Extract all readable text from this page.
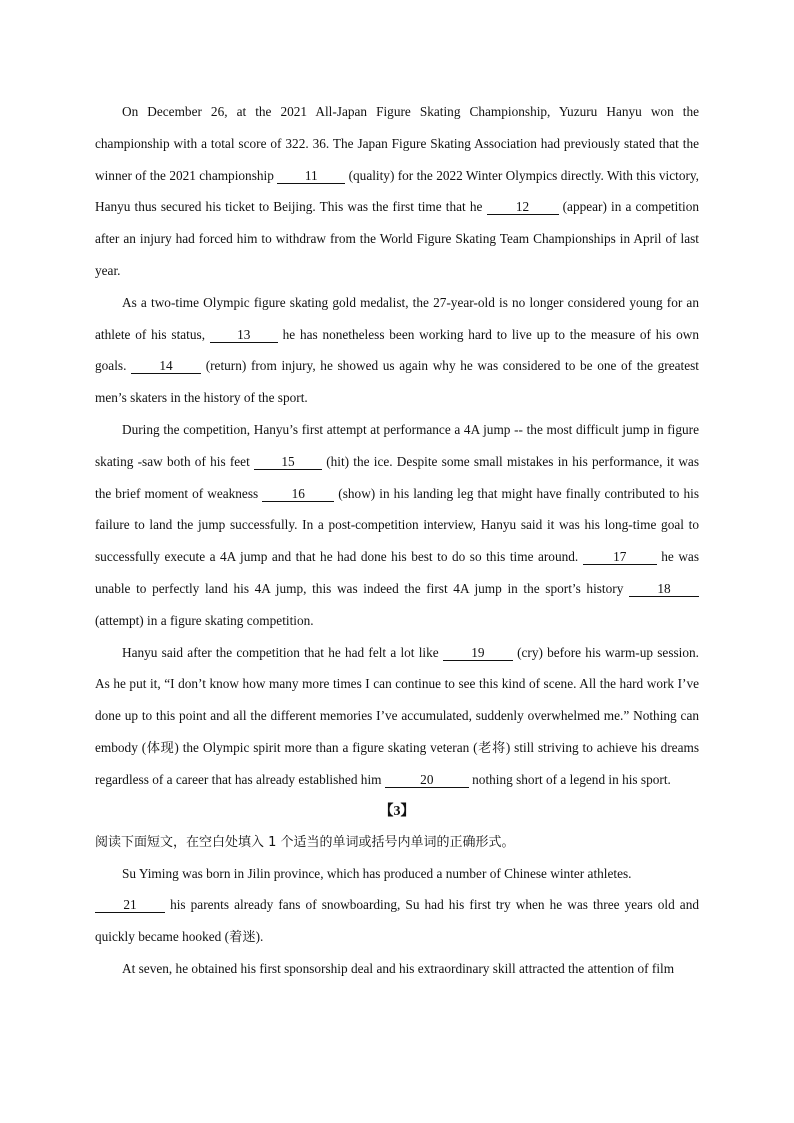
On December 26, at the 2021 All-Japan Figure Skating Championship, Yuzuru Hanyu won the championship with a total score of 322. 36. The Japan Figure Skating Association had previously stated that the winner of the 2021 championship 11 (quality) for the 2022 Winter Olympics directly. With this victory, Hanyu thus secured his ticket to Beijing. This was the first time that he 12 (appear) in a competition after an injury had forced him to withdraw from the World Figure Skating Team Championships in April of last year.

As a two-time Olympic figure skating gold medalist, the 27-year-old is no longer considered young for an athlete of his status, 13 he has nonetheless been working hard to live up to the measure of his own goals. 14 (return) from injury, he showed us again why he was considered to be one of the greatest men’s skaters in the history of the sport.

During the competition, Hanyu’s first attempt at performance a 4A jump -- the most difficult jump in figure skating -saw both of his feet 15 (hit) the ice. Despite some small mistakes in his performance, it was the brief moment of weakness 16 (show) in his landing leg that might have finally contributed to his failure to land the jump successfully. In a post-competition interview, Hanyu said it was his long-time goal to successfully execute a 4A jump and that he had done his best to do so this time around. 17 he was unable to perfectly land his 4A jump, this was indeed the first 4A jump in the sport’s history 18 (attempt) in a figure skating competition.

Hanyu said after the competition that he had felt a lot like 19 (cry) before his warm-up session. As he put it, “I don’t know how many more times I can continue to see this kind of scene. All the hard work I’ve done up to this point and all the different memories I’ve accumulated, suddenly overwhelmed me.” Nothing can embody (体现) the Olympic spirit more than a figure skating veteran (老将) still striving to achieve his dreams regardless of a career that has already established him	20	nothing short of a legend in his sport.

【3】

阅读下面短文，在空白处填入 1 个适当的单词或括号内单词的正确形式。

Su Yiming was born in Jilin province, which has produced a number of Chinese winter athletes.

21 his parents already fans of snowboarding, Su had his first try when he was three years old and quickly became hooked (着迷).

At seven, he obtained his first sponsorship deal and his extraordinary skill attracted the attention of film
